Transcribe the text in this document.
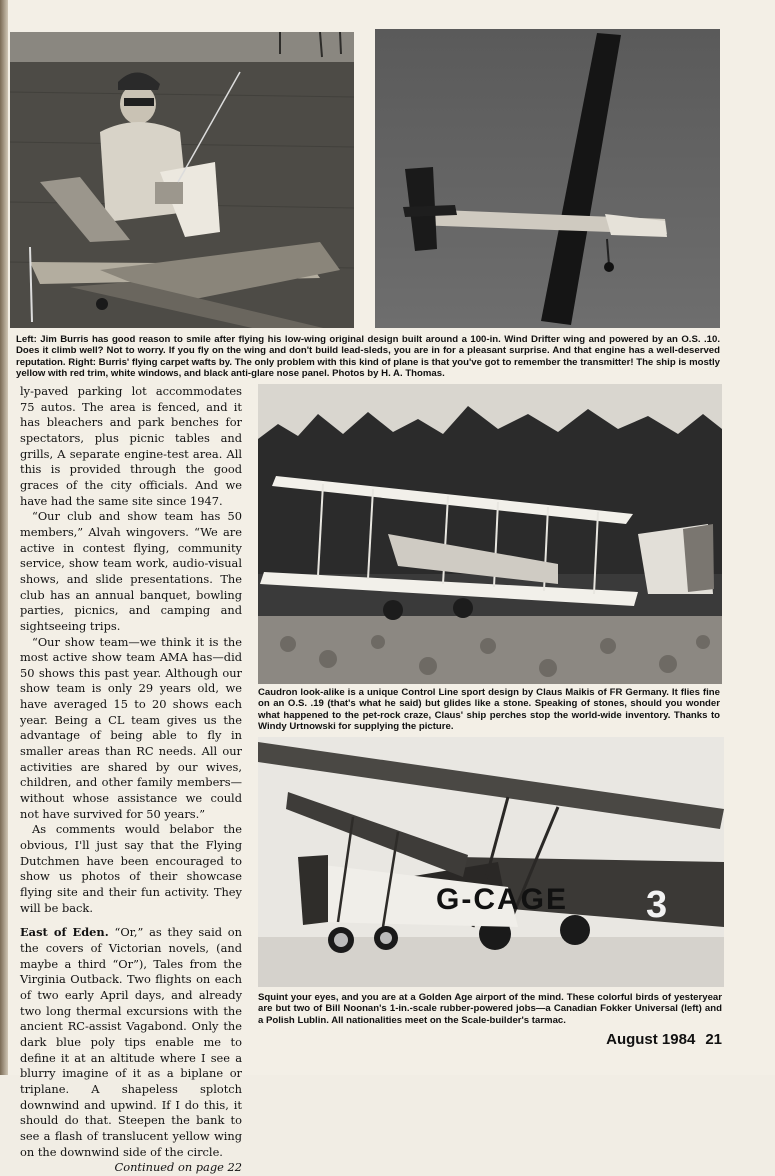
Left: Jim Burris has good reason to smile after flying his low-wing original design built around a 100-in. Wind Drifter wing and powered by an O.S. .10. Does it climb well? Not to worry. If you fly on the wing and don't build lead-sleds, you are in for a pleasant surprise. And that engine has a well-deserved reputation. Right: Burris' flying carpet wafts by. The only problem with this kind of plane is that you've got to remember the transmitter! The ship is mostly yellow with red trim, white windows, and black anti-glare nose panel. Photos by H. A. Thomas.

Caudron look-alike is a unique Control Line sport design by Claus Maikis of FR Germany. It flies fine on an O.S. .19 (that's what he said) but glides like a stone. Speaking of stones, should you wonder what happened to the pet-rock craze, Claus' ship perches stop the world-wide inventory. Thanks to Windy Urtnowski for supplying the picture.

G-CAGE 3

Squint your eyes, and you are at a Golden Age airport of the mind. These colorful birds of yesteryear are but two of Bill Noonan's 1-in.-scale rubber-powered jobs—a Canadian Fokker Universal (left) and a Polish Lublin. All nationalities meet on the Scale-builder's tarmac.

ly-paved parking lot accommodates 75 autos. The area is fenced, and it has bleachers and park benches for spectators, plus picnic tables and grills, A separate engine-test area. All this is provided through the good graces of the city officials. And we have had the same site since 1947.

“Our club and show team has 50 members,” Alvah wingovers. “We are active in contest flying, community service, show team work, audio-visual shows, and slide presentations. The club has an annual banquet, bowling parties, picnics, and camping and sightseeing trips.

“Our show team—we think it is the most active show team AMA has—did 50 shows this past year. Although our show team is only 29 years old, we have averaged 15 to 20 shows each year. Being a CL team gives us the advantage of being able to fly in smaller areas than RC needs. All our activities are shared by our wives, children, and other family members—without whose assistance we could not have survived for 50 years.”

As comments would belabor the obvious, I'll just say that the Flying Dutchmen have been encouraged to show us photos of their showcase flying site and their fun activity. They will be back.

East of Eden. “Or,” as they said on the covers of Victorian novels, (and maybe a third “Or”), Tales from the Virginia Outback. Two flights on each of two early April days, and already two long thermal excursions with the ancient RC-assist Vagabond. Only the dark blue poly tips enable me to define it at an altitude where I see a blurry imagine of it as a biplane or triplane. A shapeless splotch downwind and upwind. If I do this, it should do that. Steepen the bank to see a flash of translucent yellow wing on the downwind side of the circle.

Continued on page 22

August 1984 21
